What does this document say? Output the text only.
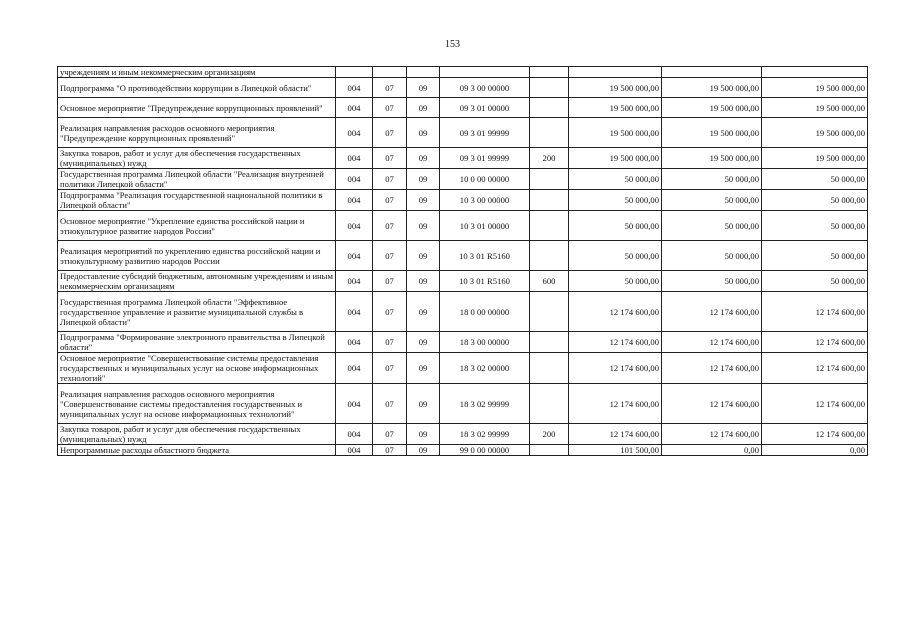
153
учреждениям и иным некоммерческим организациям								
Подпрограмма "О противодействии коррупции в Липецкой области"	004	07	09	09 3 00 00000		19 500 000,00	19 500 000,00	19 500 000,00
Основное мероприятие "Предупреждение коррупционных проявлений"	004	07	09	09 3 01 00000		19 500 000,00	19 500 000,00	19 500 000,00
Реализация направления расходов основного мероприятия "Предупреждение коррупционных проявлений"	004	07	09	09 3 01 99999		19 500 000,00	19 500 000,00	19 500 000,00
Закупка товаров, работ и услуг для обеспечения государственных (муниципальных) нужд	004	07	09	09 3 01 99999	200	19 500 000,00	19 500 000,00	19 500 000,00
Государственная программа Липецкой области "Реализация внутренней политики Липецкой области"	004	07	09	10 0 00 00000		50 000,00	50 000,00	50 000,00
Подпрограмма "Реализация государственной национальной политики в Липецкой области"	004	07	09	10 3 00 00000		50 000,00	50 000,00	50 000,00
Основное мероприятие "Укрепление единства российской нации и этнокультурное развитие народов России"	004	07	09	10 3 01 00000		50 000,00	50 000,00	50 000,00
Реализация мероприятий по укреплению единства российской нации и этнокультурному развитию народов России	004	07	09	10 3 01 R5160		50 000,00	50 000,00	50 000,00
Предоставление субсидий бюджетным, автономным учреждениям и иным некоммерческим организациям	004	07	09	10 3 01 R5160	600	50 000,00	50 000,00	50 000,00
Государственная программа Липецкой области "Эффективное государственное управление и развитие муниципальной службы в Липецкой области"	004	07	09	18 0 00 00000		12 174 600,00	12 174 600,00	12 174 600,00
Подпрограмма "Формирование электронного правительства в Липецкой области"	004	07	09	18 3 00 00000		12 174 600,00	12 174 600,00	12 174 600,00
Основное мероприятие "Совершенствование системы предоставления государственных и муниципальных услуг на основе информационных технологий"	004	07	09	18 3 02 00000		12 174 600,00	12 174 600,00	12 174 600,00
Реализация направления расходов основного мероприятия "Совершенствование системы предоставления государственных и муниципальных услуг на основе информационных технологий"	004	07	09	18 3 02 99999		12 174 600,00	12 174 600,00	12 174 600,00
Закупка товаров, работ и услуг для обеспечения государственных (муниципальных) нужд	004	07	09	18 3 02 99999	200	12 174 600,00	12 174 600,00	12 174 600,00
Непрограммные расходы областного бюджета	004	07	09	99 0 00 00000		101 500,00	0,00	0,00
